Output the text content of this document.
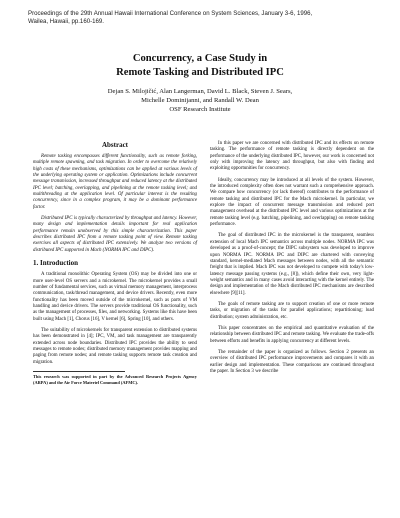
Proceedings of the 29th Annual Hawaii International Conference on System Sciences, January 3-6, 1996, Wailea, Hawaii, pp.160-169.
Concurrency, a Case Study in
Remote Tasking and Distributed IPC
Dejan S. Milojičić, Alan Langerman, David L. Black, Steven J. Sears,
Michelle Dominijanni, and Randall W. Dean
OSF Research Institute
Abstract

Remote tasking encompasses different functionality, such as remote forking, multiple remote spawning, and task migration. In order to overcome the relatively high costs of these mechanisms, optimizations can be applied at various levels of the underlying operating system or application. Optimizations include concurrent message transmission, increased throughput and reduced latency at the distributed IPC level; batching, overlapping, and pipelining at the remote tasking level; and multithreading at the application level. Of particular interest is the resulting concurrency, since in a complex program, it may be a dominant performance factor.

Distributed IPC is typically characterized by throughput and latency. However, many design and implementation details important for real application performance remain unobserved by this simple characterization. This paper describes distributed IPC from a remote tasking point of view. Remote tasking exercises all aspects of distributed IPC extensively. We analyze two versions of distributed IPC supported in Mach (NORMA IPC and DIPC).

1. Introduction

A traditional monolithic Operating System (OS) may be divided into one or more user-level OS servers and a microkernel. The microkernel provides a small number of fundamental services, such as virtual memory management, interprocess communication, task/thread management, and device drivers. Recently, even more functionality has been moved outside of the microkernel, such as parts of VM handling and device drivers. The servers provide traditional OS functionality, such as the management of processes, files, and networking. Systems like this have been built using Mach [1], Chorus [16], V kernel [6], Spring [10], and others.

The suitability of microkernels for transparent extension to distributed systems has been demonstrated in [4]; IPC, VM, and task management are transparently extended across node boundaries. Distributed IPC provides the ability to send messages to remote nodes; distributed memory management provides mapping and paging from remote nodes; and remote tasking supports remote task creation and migration.

This research was supported in part by the Advanced Research Projects Agency (ARPA) and the Air Force Materiel Command (AFMC).

In this paper we are concerned with distributed IPC and its effects on remote tasking. The performance of remote tasking is directly dependent on the performance of the underlying distributed IPC, however, our work is concerned not only with improving the latency and throughput, but also with finding and exploiting opportunities for concurrency.

Ideally, concurrency may be introduced at all levels of the system. However, the introduced complexity often does not warrant such a comprehensive approach. We compare how concurrency (or lack thereof) contributes to the performance of remote tasking and distributed IPC for the Mach microkernel. In particular, we explore the impact of concurrent message transmission and reduced port management overhead at the distributed IPC level and various optimizations at the remote tasking level (e.g. batching, pipelining, and overlapping) on remote tasking performance.

The goal of distributed IPC in the microkernel is the transparent, seamless extension of local Mach IPC semantics across multiple nodes. NORMA IPC was developed as a proof-of-concept; the DIPC subsystem was developed to improve upon NORMA IPC. NORMA IPC and DIPC are chartered with conveying standard, kernel-mediated Mach messages between nodes, with all the semantic freight that is implied. Mach IPC was not developed to compete with today's low-latency message passing systems (e.g., [8]), which define their own, very light-weight semantics and in many cases avoid interacting with the kernel entirely. The design and implementation of the Mach distributed IPC mechanisms are described elsewhere [9][11].

The goals of remote tasking are to support creation of one or more remote tasks, or migration of the tasks for parallel applications; repartitioning; load distribution; system administration, etc.

This paper concentrates on the empirical and quantitative evaluation of the relationship between distributed IPC and remote tasking. We evaluate the trade-offs between efforts and benefits in applying concurrency at different levels.

The remainder of the paper is organized as follows. Section 2 presents an overview of distributed IPC performance improvements and compares it with an earlier design and implementation. These comparisons are continued throughout the paper. In Section 3 we describe
